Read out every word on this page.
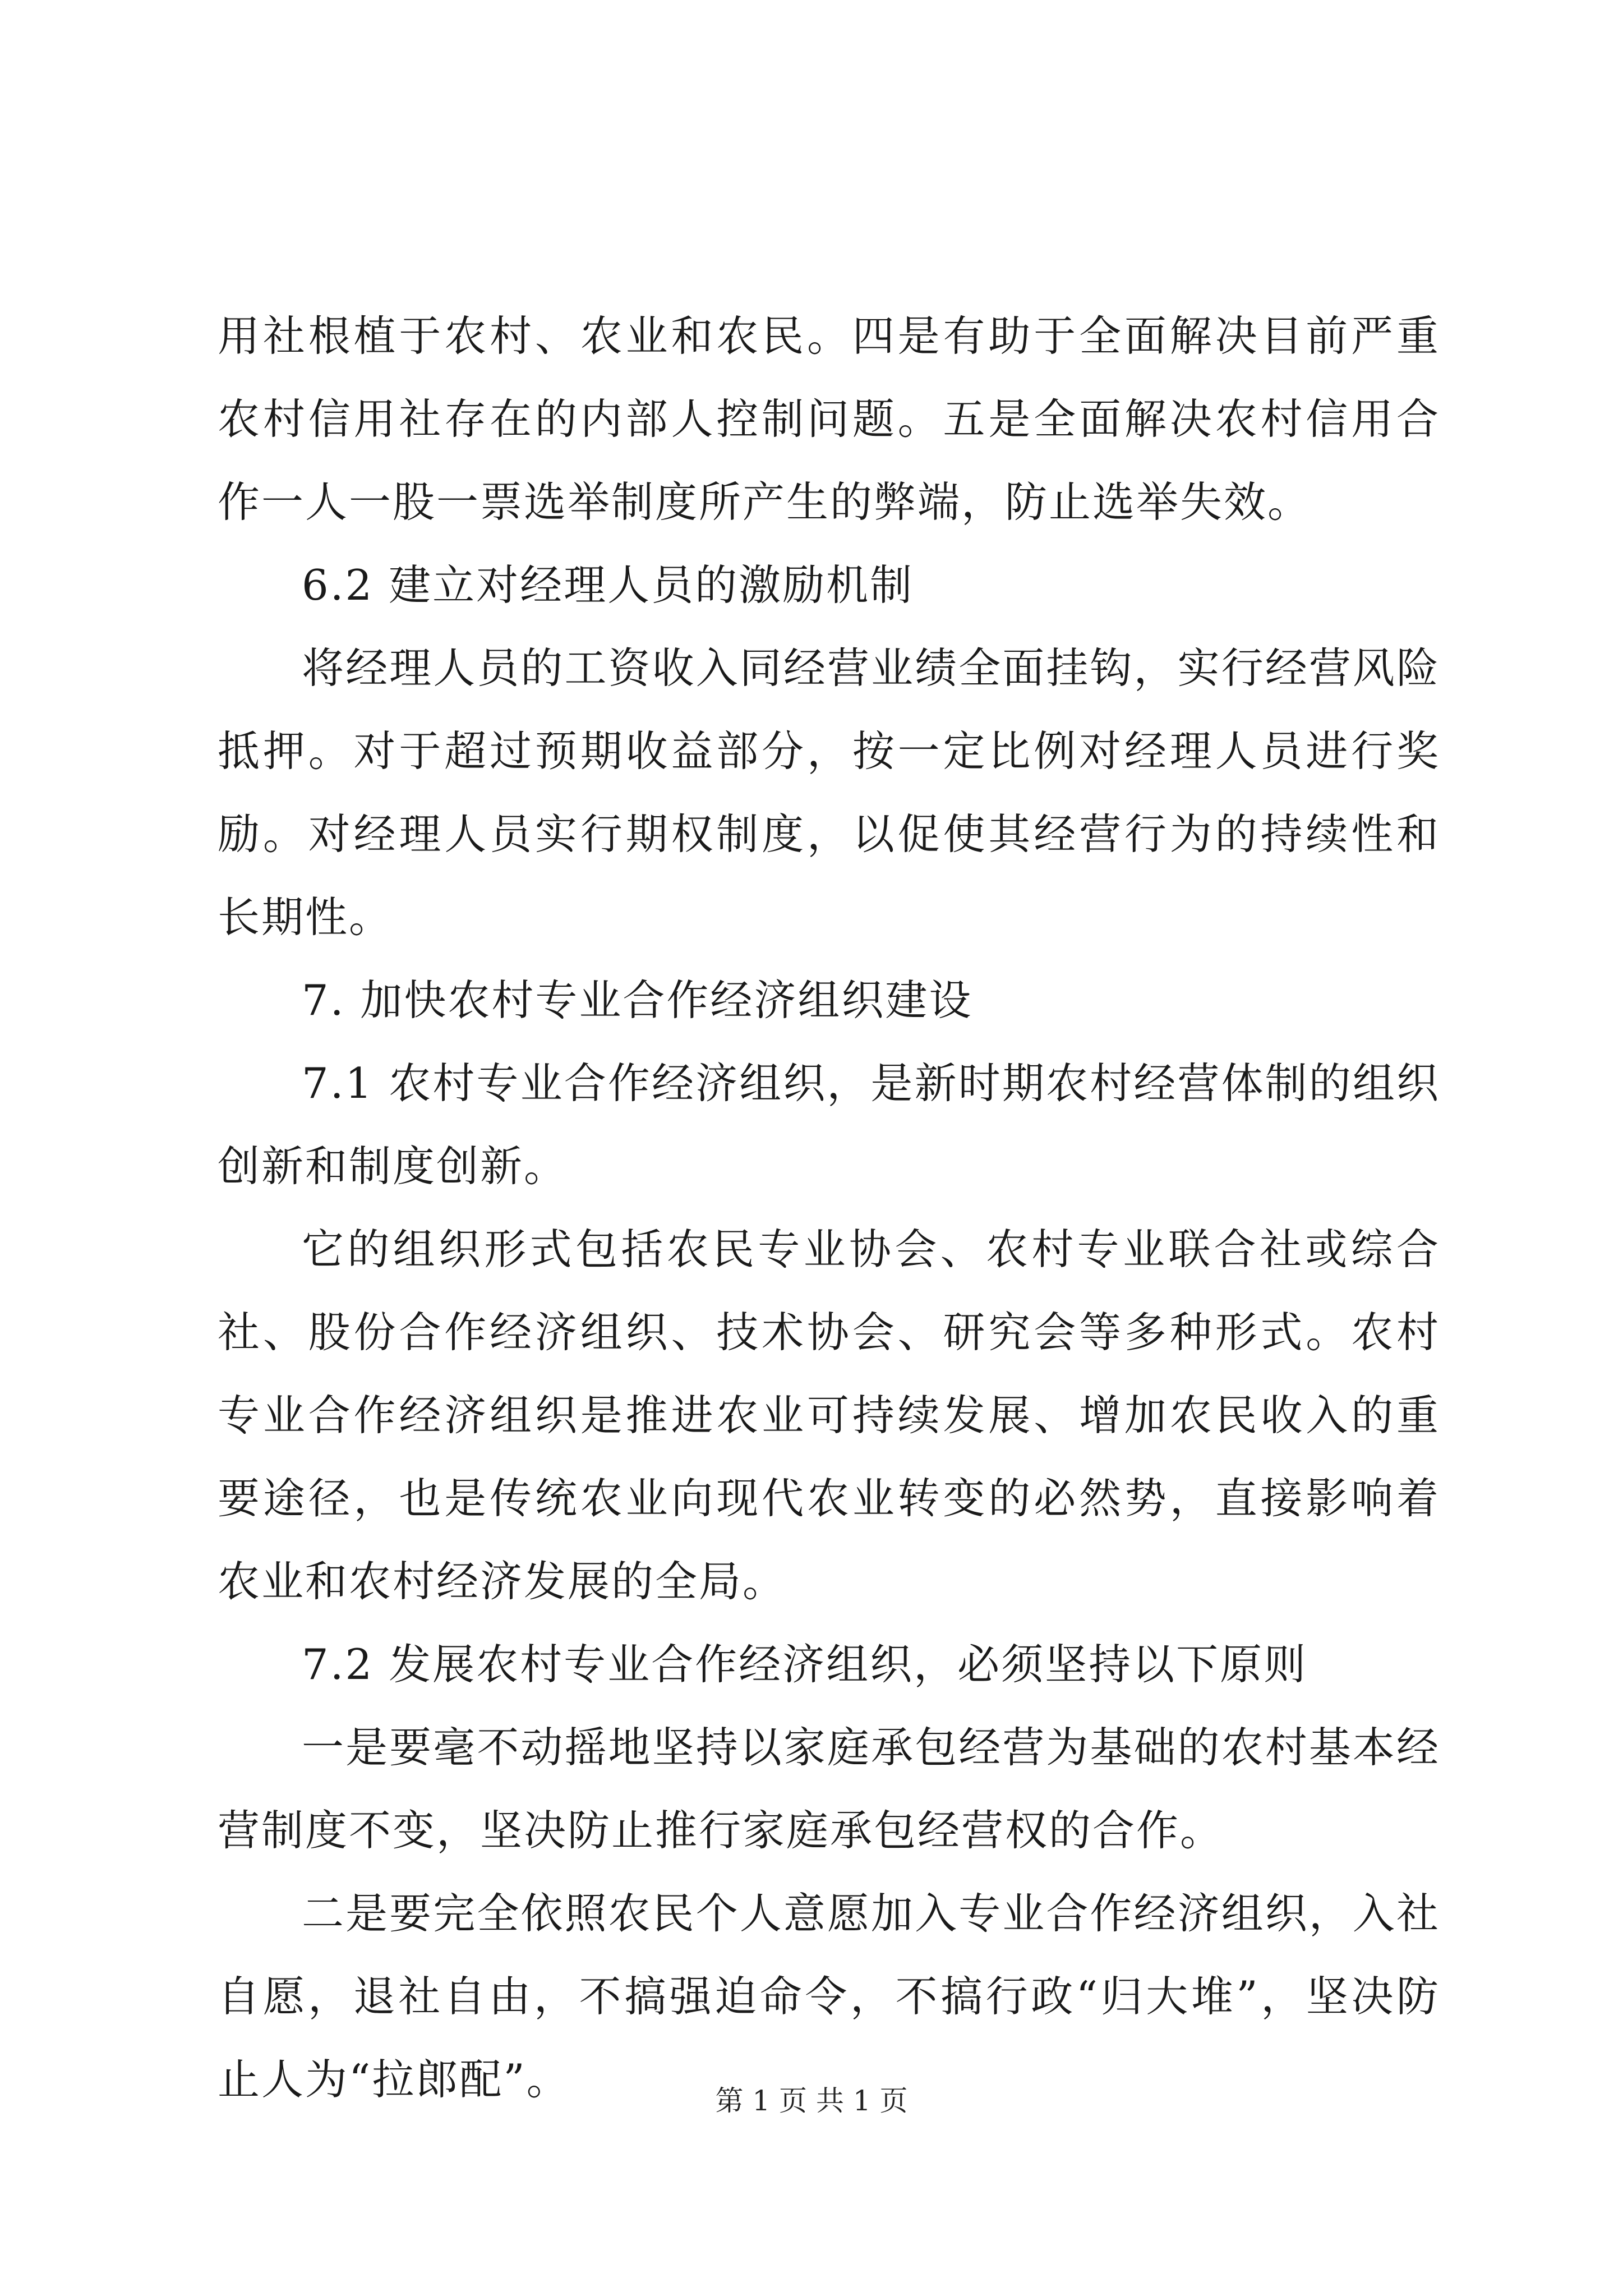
用社根植于农村、农业和农民。四是有助于全面解决目前严重农村信用社存在的内部人控制问题。五是全面解决农村信用合作一人一股一票选举制度所产生的弊端，防止选举失效。

6.2 建立对经理人员的激励机制

将经理人员的工资收入同经营业绩全面挂钩，实行经营风险抵押。对于超过预期收益部分，按一定比例对经理人员进行奖励。对经理人员实行期权制度，以促使其经营行为的持续性和长期性。

7. 加快农村专业合作经济组织建设

7.1 农村专业合作经济组织，是新时期农村经营体制的组织创新和制度创新。

它的组织形式包括农民专业协会、农村专业联合社或综合社、股份合作经济组织、技术协会、研究会等多种形式。农村专业合作经济组织是推进农业可持续发展、增加农民收入的重要途径，也是传统农业向现代农业转变的必然势，直接影响着农业和农村经济发展的全局。

7.2 发展农村专业合作经济组织，必须坚持以下原则

一是要毫不动摇地坚持以家庭承包经营为基础的农村基本经营制度不变，坚决防止推行家庭承包经营权的合作。

二是要完全依照农民个人意愿加入专业合作经济组织，入社自愿，退社自由，不搞强迫命令，不搞行政“归大堆”，坚决防止人为“拉郎配”。	第 1 页 共 1 页
